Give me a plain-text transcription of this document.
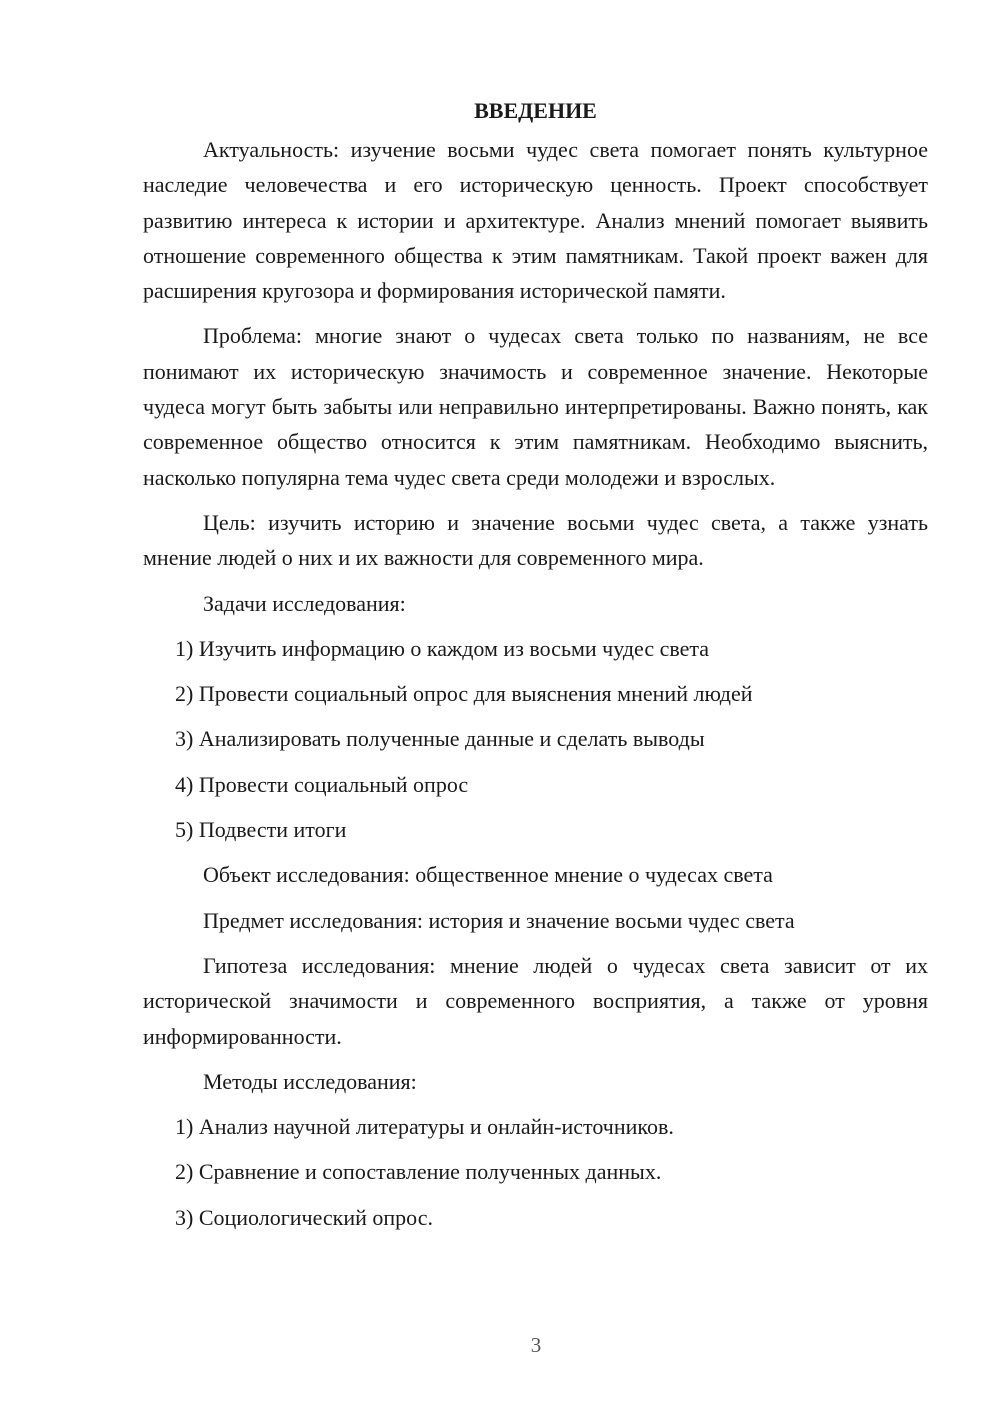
ВВЕДЕНИЕ

Актуальность: изучение восьми чудес света помогает понять культурное наследие человечества и его историческую ценность. Проект способствует развитию интереса к истории и архитектуре. Анализ мнений помогает выявить отношение современного общества к этим памятникам. Такой проект важен для расширения кругозора и формирования исторической памяти.

Проблема: многие знают о чудесах света только по названиям, не все понимают их историческую значимость и современное значение. Некоторые чудеса могут быть забыты или неправильно интерпретированы. Важно понять, как современное общество относится к этим памятникам. Необходимо выяснить, насколько популярна тема чудес света среди молодежи и взрослых.

Цель: изучить историю и значение восьми чудес света, а также узнать мнение людей о них и их важности для современного мира.

Задачи исследования:

1) Изучить информацию о каждом из восьми чудес света

2) Провести социальный опрос для выяснения мнений людей

3) Анализировать полученные данные и сделать выводы

4) Провести социальный опрос

5) Подвести итоги

Объект исследования: общественное мнение о чудесах света

Предмет исследования: история и значение восьми чудес света

Гипотеза исследования: мнение людей о чудесах света зависит от их исторической значимости и современного восприятия, а также от уровня информированности.

Методы исследования:

1) Анализ научной литературы и онлайн-источников.

2) Сравнение и сопоставление полученных данных.

3) Социологический опрос.

3
